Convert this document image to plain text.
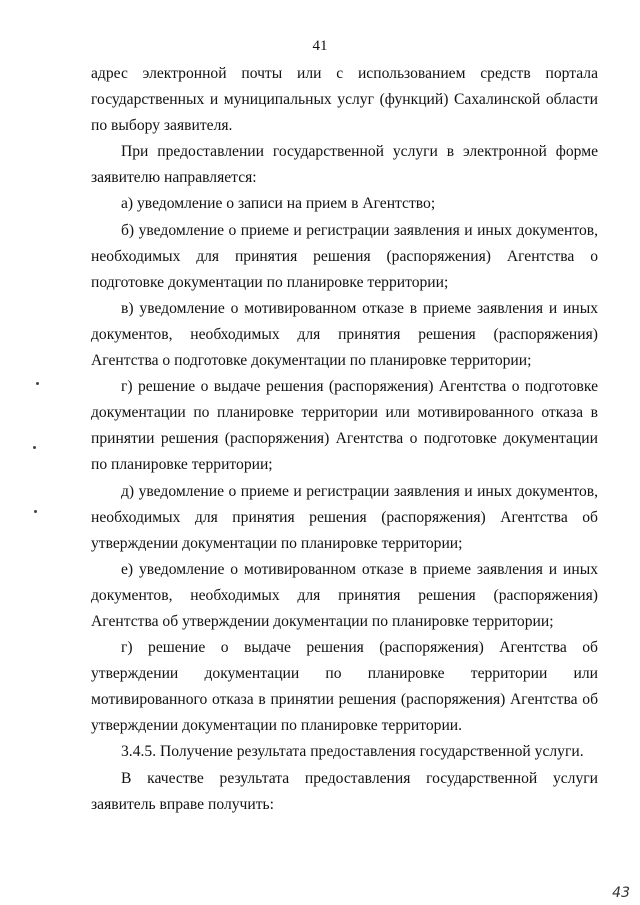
41

адрес электронной почты или с использованием средств портала государственных и муниципальных услуг (функций) Сахалинской области по выбору заявителя.

При предоставлении государственной услуги в электронной форме заявителю направляется:

а) уведомление о записи на прием в Агентство;

б) уведомление о приеме и регистрации заявления и иных документов, необходимых для принятия решения (распоряжения) Агентства о подготовке документации по планировке территории;

в) уведомление о мотивированном отказе в приеме заявления и иных документов, необходимых для принятия решения (распоряжения) Агентства о подготовке документации по планировке территории;

г) решение о выдаче решения (распоряжения) Агентства о подготовке документации по планировке территории или мотивированного отказа в принятии решения (распоряжения) Агентства о подготовке документации по планировке территории;

д) уведомление о приеме и регистрации заявления и иных документов, необходимых для принятия решения (распоряжения) Агентства об утверждении документации по планировке территории;

е) уведомление о мотивированном отказе в приеме заявления и иных документов, необходимых для принятия решения (распоряжения) Агентства об утверждении документации по планировке территории;

г) решение о выдаче решения (распоряжения) Агентства об утверждении документации по планировке территории или мотивированного отказа в принятии решения (распоряжения) Агентства об утверждении документации по планировке территории.

3.4.5. Получение результата предоставления государственной услуги.

В качестве результата предоставления государственной услуги заявитель вправе получить:

43
